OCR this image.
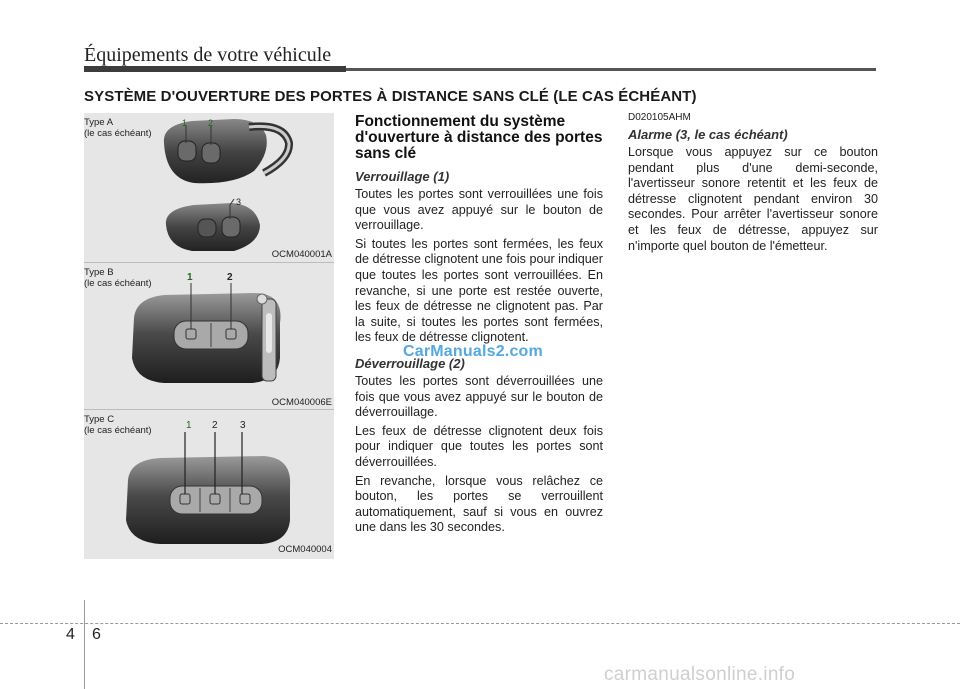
Équipements de votre véhicule
SYSTÈME D'OUVERTURE DES PORTES À DISTANCE SANS CLÉ (LE CAS ÉCHÉANT)
Type A
(le cas échéant)
1 2
3
OCM040001A
Type B
(le cas échéant)
1	2
OCM040006E
Type C
(le cas échéant)	1 2 3
OCM040004
Fonctionnement du système d'ouverture à distance des portes sans clé
Verrouillage (1)

Toutes les portes sont verrouillées une fois que vous avez appuyé sur le bouton de verrouillage.

Si toutes les portes sont fermées, les feux de détresse clignotent une fois pour indiquer que toutes les portes sont verrouillées. En revanche, si une porte est restée ouverte, les feux de détresse ne clignotent pas. Par la suite, si toutes les portes sont fermées, les feux de détresse clignotent.

Déverrouillage (2)

Toutes les portes sont déverrouillées une fois que vous avez appuyé sur le bouton de déverrouillage.

Les feux de détresse clignotent deux fois pour indiquer que toutes les portes sont déverrouillées.

En revanche, lorsque vous relâchez ce bouton, les portes se verrouillent automatiquement, sauf si vous en ouvrez une dans les 30 secondes.

CarManuals2.com
D020105AHM
Alarme (3, le cas échéant)

Lorsque vous appuyez sur ce bouton pendant plus d'une demi-seconde, l'avertisseur sonore retentit et les feux de détresse clignotent pendant environ 30 secondes. Pour arrêter l'avertisseur sonore et les feux de détresse, appuyez sur n'importe quel bouton de l'émetteur.

4 6
carmanualsonline.info
